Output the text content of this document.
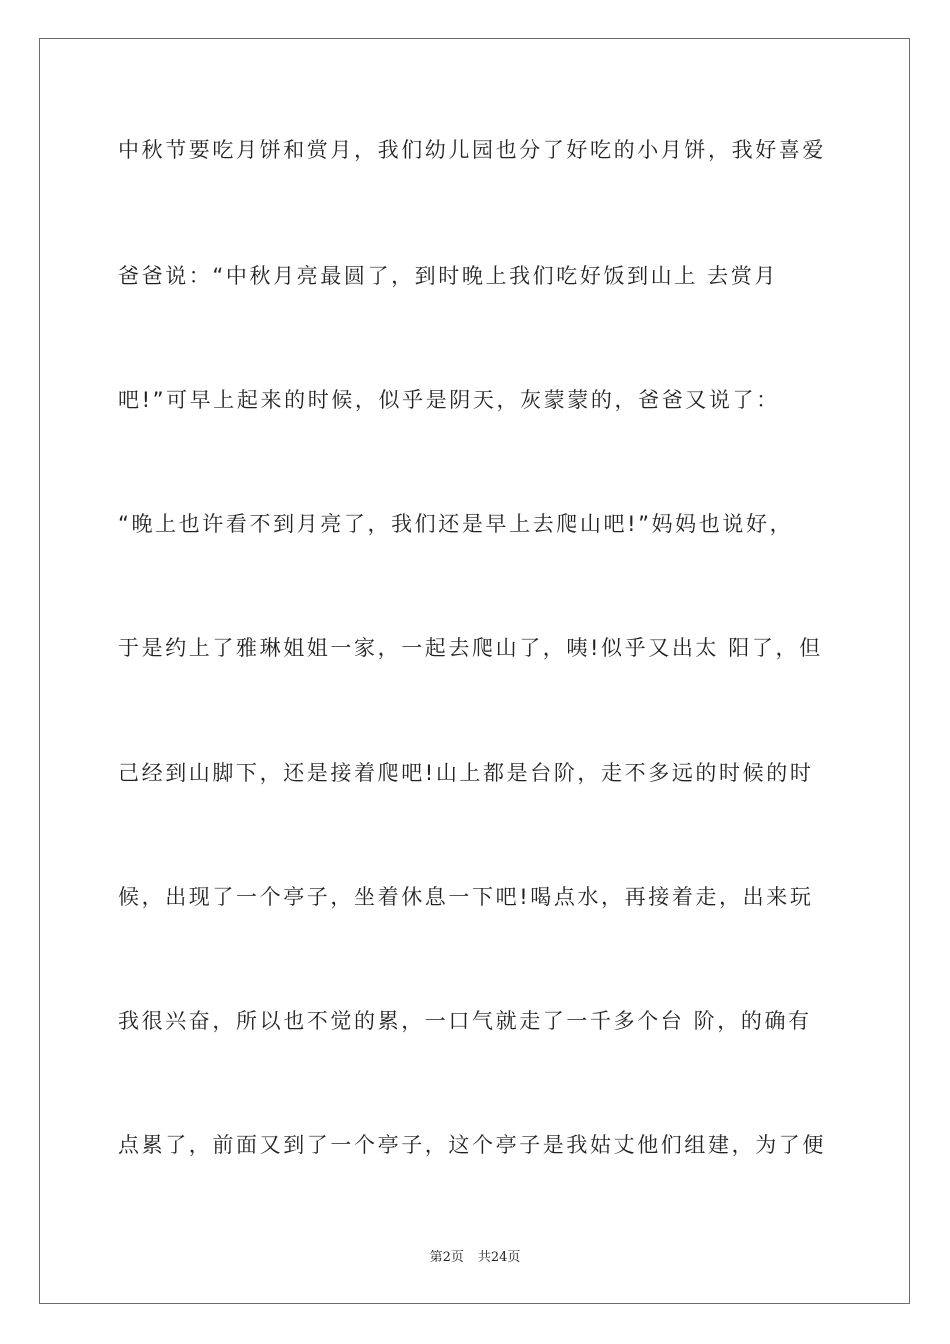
中秋节要吃月饼和赏月，我们幼儿园也分了好吃的小月饼，我好喜爱
爸爸说：“中秋月亮最圆了，到时晚上我们吃好饭到山上 去赏月
吧!”可早上起来的时候，似乎是阴天，灰蒙蒙的，爸爸又说了：
“晚上也许看不到月亮了，我们还是早上去爬山吧!”妈妈也说好，
于是约上了雅琳姐姐一家，一起去爬山了，咦!似乎又出太 阳了，但
己经到山脚下，还是接着爬吧!山上都是台阶，走不多远的时候的时
候，出现了一个亭子，坐着休息一下吧!喝点水，再接着走，出来玩
我很兴奋，所以也不觉的累，一口气就走了一千多个台 阶，的确有
点累了，前面又到了一个亭子，这个亭子是我姑丈他们组建，为了便
第2页 共24页
